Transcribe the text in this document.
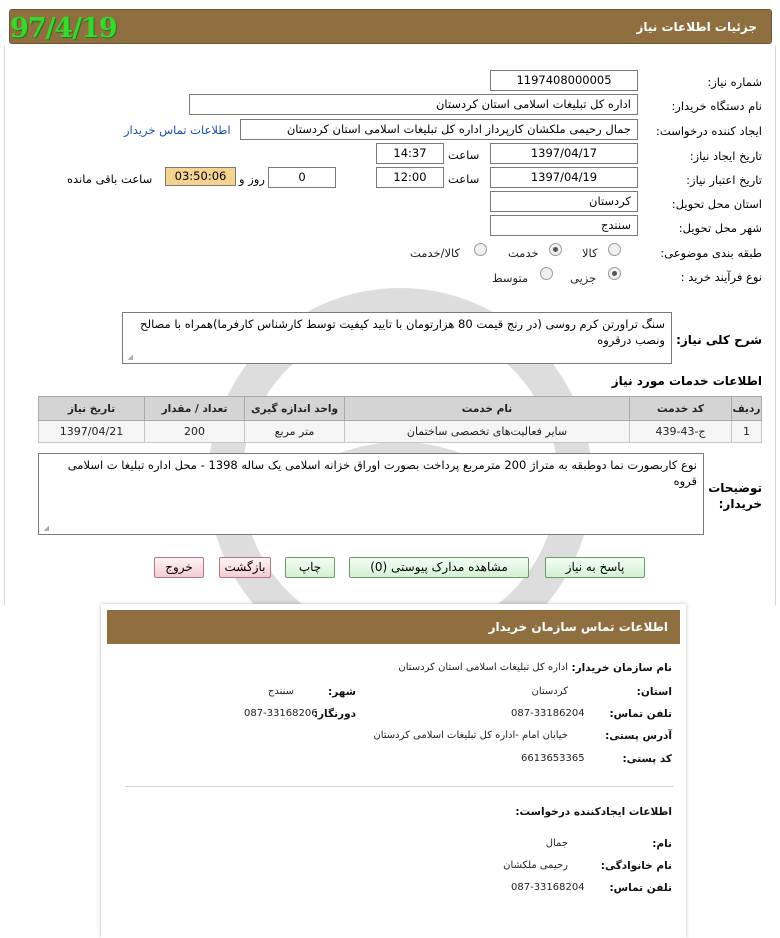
جزئیات اطلاعات نیاز
97/4/19
شماره نیاز:
1197408000005
نام دستگاه خریدار:
اداره کل تبلیغات اسلامی استان کردستان
ایجاد کننده درخواست:
جمال رحیمی ملکشان کارپرداز اداره کل تبلیغات اسلامی استان کردستان
اطلاعات تماس خریدار
تاریخ ایجاد نیاز:
1397/04/17
ساعت
14:37
تاریخ اعتبار نیاز:
1397/04/19
ساعت
12:00
0
روز و
03:50:06
ساعت باقی مانده
استان محل تحویل:
کردستان
شهر محل تحویل:
سنندج
طبقه بندی موضوعی:
کالا
خدمت
کالا/خدمت
نوع فرآیند خرید :
جزیی
متوسط
شرح کلی نیاز:
سنگ تراورتن کرم روسی (در رنج قیمت 80 هزارتومان با تایید کیفیت توسط کارشناس کارفرما)همراه با مصالح ونصب درقروه
◢
اطلاعات خدمات مورد نیاز
ردیف	کد خدمت	نام خدمت	واحد اندازه گیری	تعداد / مقدار	تاریخ نیاز
1	ج-43-439	سایر فعالیت‌های تخصصی ساختمان	متر مربع	200	1397/04/21
توضیحات خریدار:
نوع کاربصورت نما دوطبقه به متراژ 200 مترمربع پرداخت بصورت اوراق خزانه اسلامی یک ساله 1398 - محل اداره تبلیغا ت اسلامی قروه
◢
پاسخ به نیاز
مشاهده مدارک پیوستی (0)
چاپ
بازگشت
خروج
اطلاعات تماس سازمان خریدار
نام سازمان خریدار:
اداره کل تبلیغات اسلامی استان کردستان
استان:
کردستان
شهر:
سنندج
تلفن تماس:
087-33186204
دورنگار:
087-33168206
آدرس پستی:
خیابان امام -اداره کل تبلیغات اسلامی کردستان
کد پستی:
6613653365
اطلاعات ایجادکننده درخواست:
نام:
جمال
نام خانوادگی:
رحیمی ملکشان
تلفن تماس:
087-33168204
